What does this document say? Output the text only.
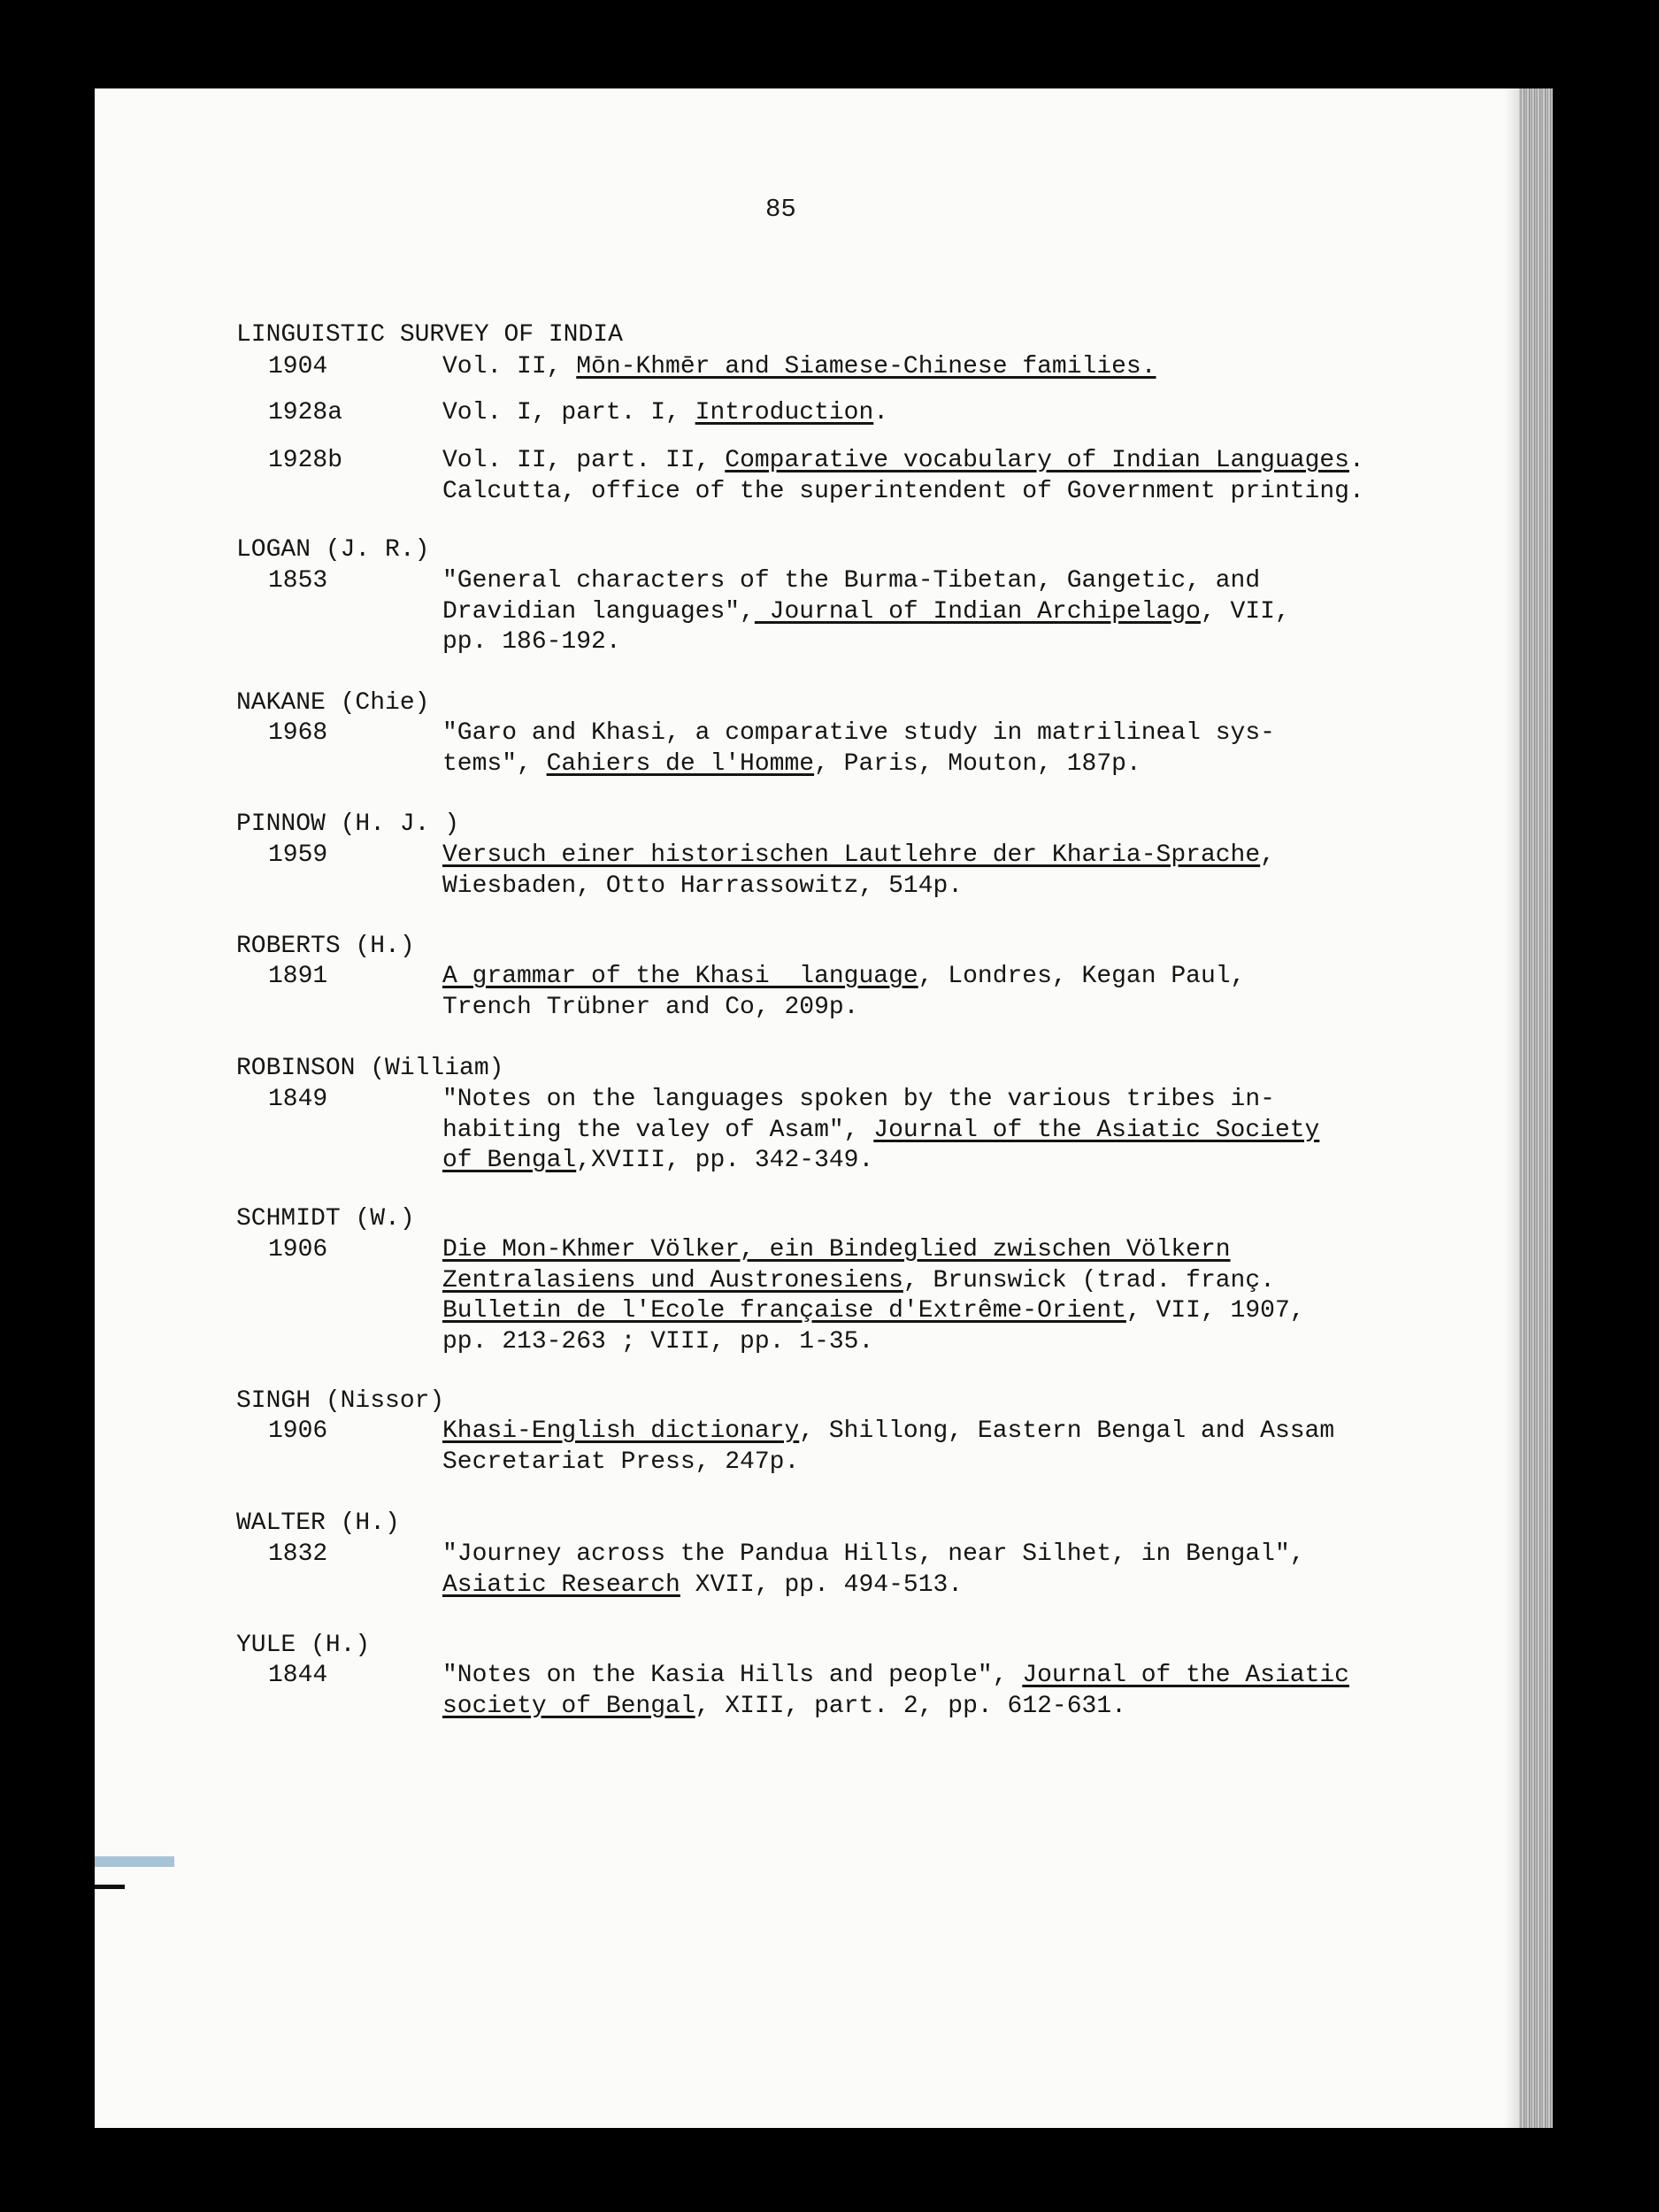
85
LINGUISTIC SURVEY OF INDIA
1904	Vol. II, Mōn-Khmēr and Siamese-Chinese families.
1928a	Vol. I, part. I, Introduction.
1928b	Vol. II, part. II, Comparative vocabulary of Indian Languages.
Calcutta, office of the superintendent of Government printing.
LOGAN (J. R.)
1853	"General characters of the Burma-Tibetan, Gangetic, and
Dravidian languages", Journal of Indian Archipelago, VII,
pp. 186-192.
NAKANE (Chie)
1968	"Garo and Khasi, a comparative study in matrilineal sys-
tems", Cahiers de l'Homme, Paris, Mouton, 187p.
PINNOW (H. J. )
1959	Versuch einer historischen Lautlehre der Kharia-Sprache,
Wiesbaden, Otto Harrassowitz, 514p.
ROBERTS (H.)
1891	A grammar of the Khasi  language, Londres, Kegan Paul,
Trench Trübner and Co, 209p.
ROBINSON (William)
1849	"Notes on the languages spoken by the various tribes in-
habiting the valey of Asam", Journal of the Asiatic Society
of Bengal,XVIII, pp. 342-349.
SCHMIDT (W.)
1906	Die Mon-Khmer Völker, ein Bindeglied zwischen Völkern
Zentralasiens und Austronesiens, Brunswick (trad. franç.
Bulletin de l'Ecole française d'Extrême-Orient, VII, 1907,
pp. 213-263 ; VIII, pp. 1-35.
SINGH (Nissor)
1906	Khasi-English dictionary, Shillong, Eastern Bengal and Assam
Secretariat Press, 247p.
WALTER (H.)
1832	"Journey across the Pandua Hills, near Silhet, in Bengal",
Asiatic Research XVII, pp. 494-513.
YULE (H.)
1844	"Notes on the Kasia Hills and people", Journal of the Asiatic
society of Bengal, XIII, part. 2, pp. 612-631.
